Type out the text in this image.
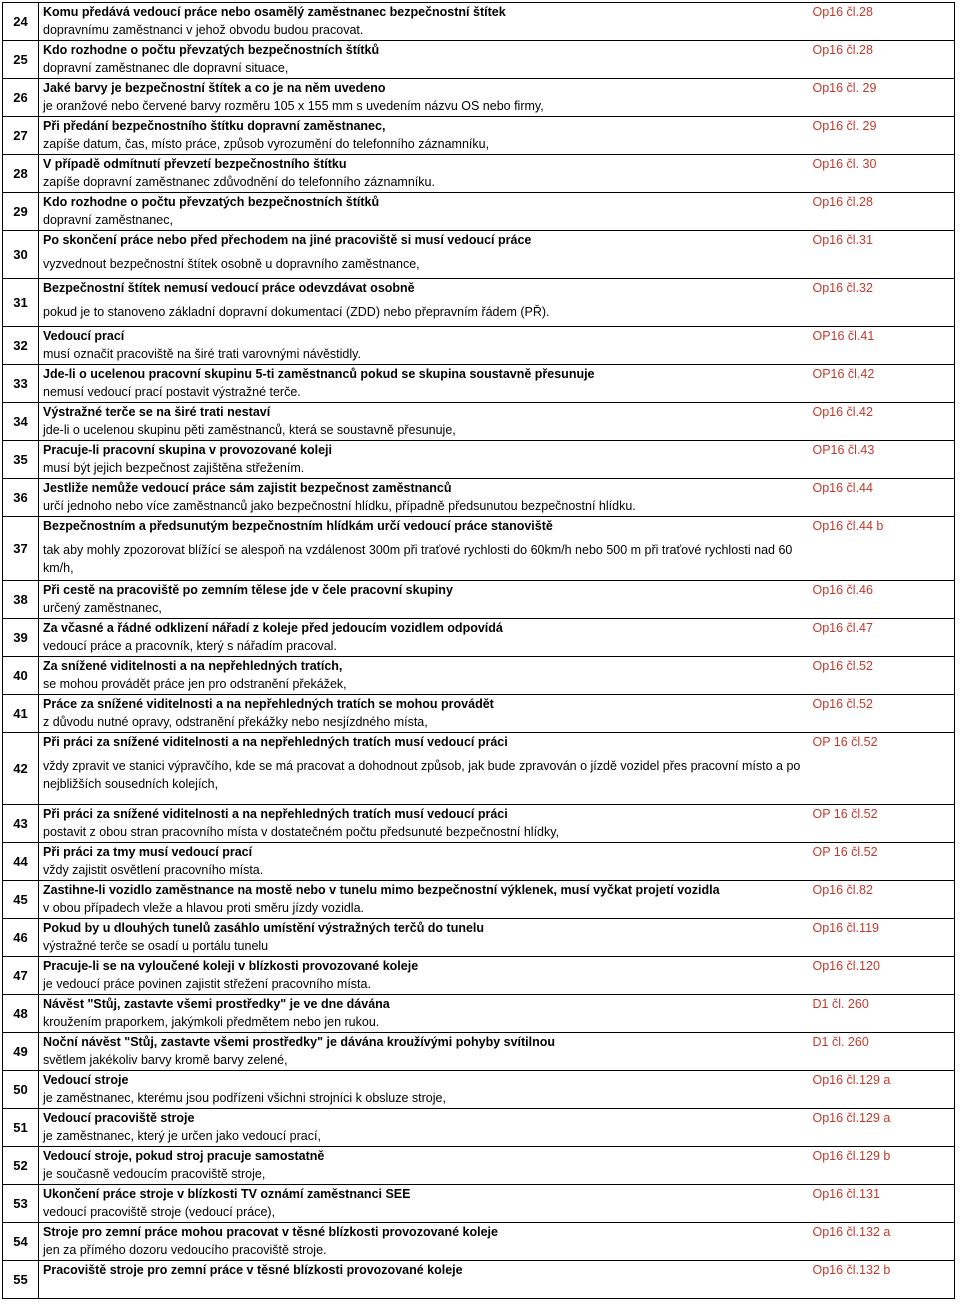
24	Komu předává vedoucí práce nebo osamělý zaměstnanec bezpečnostní štítek
dopravnímu zaměstnanci v jehož obvodu budou pracovat.	Op16 čl.28

25	Kdo rozhodne o počtu převzatých bezpečnostních štítků
dopravní zaměstnanec dle dopravní situace,	Op16 čl.28

26	Jaké barvy je bezpečnostní štítek a co je na něm uvedeno
je oranžové nebo červené barvy rozměru 105 x 155 mm s uvedením názvu OS nebo firmy,	Op16 čl. 29

27	Při předání bezpečnostního štítku dopravní zaměstnanec,
zapíše datum, čas, místo práce, způsob vyrozumění do telefonního záznamníku,	Op16 čl. 29

28	V případě odmítnutí převzetí bezpečnostního štítku
zapíše dopravní zaměstnanec zdůvodnění do telefonního záznamníku.	Op16 čl. 30

29	Kdo rozhodne o počtu převzatých bezpečnostních štítků
dopravní zaměstnanec,	Op16 čl.28

30	Po skončení práce nebo před přechodem na jiné pracoviště si musí vedoucí práce
vyzvednout bezpečnostní štítek osobně u dopravního zaměstnance,	Op16 čl.31

31	Bezpečnostní štítek nemusí vedoucí práce odevzdávat osobně
pokud je to stanoveno základní dopravní dokumentací (ZDD) nebo přepravním řádem (PŘ).	Op16 čl.32

32	Vedoucí prací
musí označit pracoviště na širé trati varovnými návěstidly.	OP16 čl.41

33	Jde-li o ucelenou pracovní skupinu 5-ti zaměstnanců pokud se skupina soustavně přesunuje
nemusí vedoucí prací postavit výstražné terče.	OP16 čl.42

34	Výstražné terče se na širé trati nestaví
jde-li o ucelenou skupinu pěti zaměstnanců, která se soustavně přesunuje,	Op16 čl.42

35	Pracuje-li pracovní skupina v provozované koleji
musí být jejich bezpečnost zajištěna střežením.	OP16 čl.43

36	Jestliže nemůže vedoucí práce sám zajistit bezpečnost zaměstnanců
určí jednoho nebo více zaměstnanců jako bezpečnostní hlídku, případně předsunutou bezpečnostní hlídku.	Op16 čl.44

37	Bezpečnostním a předsunutým bezpečnostním hlídkám určí vedoucí práce stanoviště
tak aby mohly zpozorovat blížící se alespoň na vzdálenost 300m při traťové rychlosti do 60km/h nebo 500 m při traťové rychlosti nad 60 km/h,	Op16 čl.44 b

38	Při cestě na pracoviště po zemním tělese jde v čele pracovní skupiny
určený zaměstnanec,	Op16 čl.46

39	Za včasné a řádné odklizení nářadí z koleje před jedoucím vozidlem odpovídá
vedoucí práce a pracovník, který s nářadím pracoval.	Op16 čl.47

40	Za snížené viditelnosti a na nepřehledných tratích,
se mohou provádět práce jen pro odstranění překážek,	Op16 čl.52

41	Práce za snížené viditelnosti a na nepřehledných tratích se mohou provádět
z důvodu nutné opravy, odstranění překážky nebo nesjízdného místa,	Op16 čl.52

42	Při práci za snížené viditelnosti a na nepřehledných tratích musí vedoucí práci
vždy zpravit ve stanici výpravčího, kde se má pracovat a dohodnout způsob, jak bude zpravován o jízdě vozidel přes pracovní místo a po nejbližších sousedních kolejích,	OP 16 čl.52

43	Při práci za snížené viditelnosti a na nepřehledných tratích musí vedoucí práci
postavit z obou stran pracovního místa v dostatečném počtu předsunuté bezpečnostní hlídky,	OP 16 čl.52

44	Při práci za tmy musí vedoucí prací
vždy zajistit osvětlení pracovního místa.	OP 16 čl.52

45	Zastihne-li vozidlo zaměstnance na mostě nebo v tunelu mimo bezpečnostní výklenek, musí vyčkat projetí vozidla
v obou případech vleže a hlavou proti směru jízdy vozidla.	Op16 čl.82

46	Pokud by u dlouhých tunelů zasáhlo umístění výstražných terčů do tunelu
výstražné terče se osadí u portálu tunelu	Op16 čl.119

47	Pracuje-li se na vyloučené koleji v blízkosti provozované koleje
je vedoucí práce povinen zajistit střežení pracovního místa.	Op16 čl.120

48	Návěst "Stůj, zastavte všemi prostředky" je ve dne dávána
kroužením praporkem, jakýmkoli předmětem nebo jen rukou.	D1 čl. 260

49	Noční návěst "Stůj, zastavte všemi prostředky" je dávána kroužívými pohyby svítilnou
světlem jakékoliv barvy kromě barvy zelené,	D1 čl. 260

50	Vedoucí stroje
je zaměstnanec, kterému jsou podřízeni všichni strojníci k obsluze stroje,	Op16 čl.129 a

51	Vedoucí pracoviště stroje
je zaměstnanec, který je určen jako vedoucí prací,	Op16 čl.129 a

52	Vedoucí stroje, pokud stroj pracuje samostatně
je současně vedoucím pracoviště stroje,	Op16 čl.129 b

53	Ukončení práce stroje v blízkosti TV oznámí zaměstnanci SEE
vedoucí pracoviště stroje (vedoucí práce),	Op16 čl.131

54	Stroje pro zemní práce mohou pracovat v těsné blízkosti provozované koleje
jen za přímého dozoru vedoucího pracoviště stroje.	Op16 čl.132 a

55	Pracoviště stroje pro zemní práce v těsné blízkosti provozované koleje	Op16 čl.132 b
